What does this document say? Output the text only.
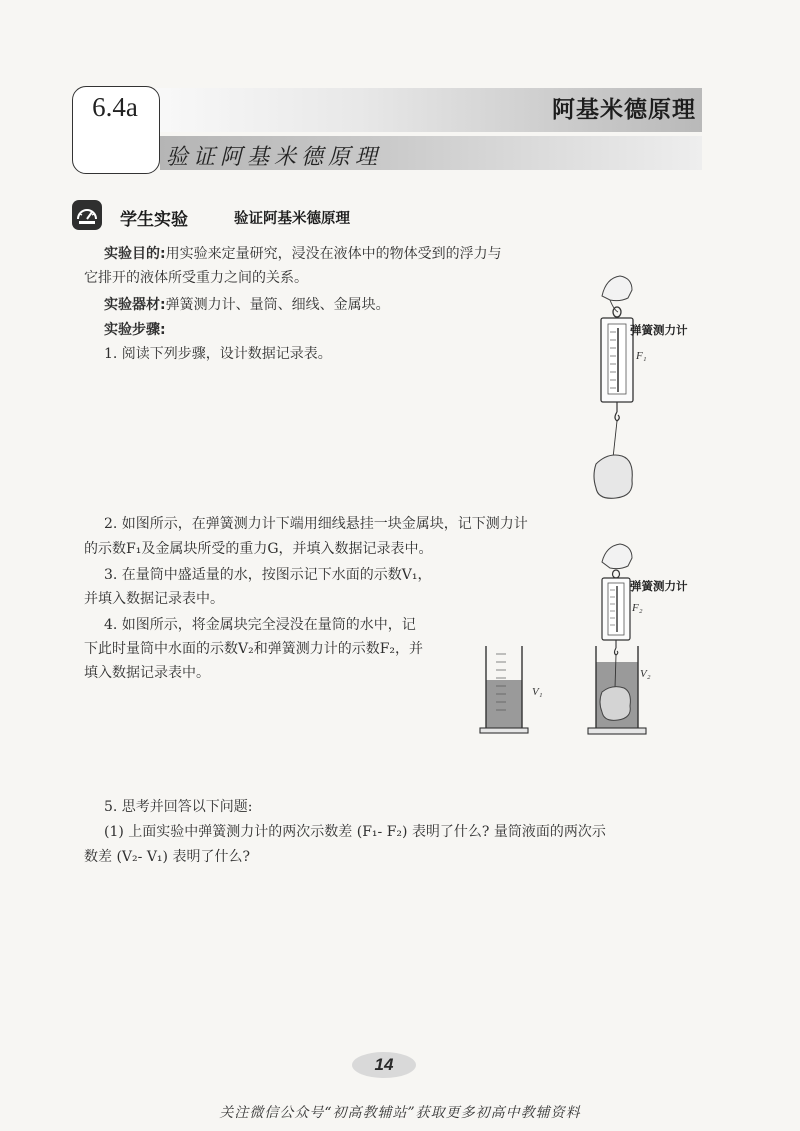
6.4a	阿基米德原理
验证阿基米德原理
学生实验	验证阿基米德原理
实验目的:用实验来定量研究，浸没在液体中的物体受到的浮力与
它排开的液体所受重力之间的关系。
实验器材:弹簧测力计、量筒、细线、金属块。
实验步骤:
1. 阅读下列步骤，设计数据记录表。
弹簧测力计
F₁
2. 如图所示，在弹簧测力计下端用细线悬挂一块金属块，记下测力计
的示数F₁及金属块所受的重力G，并填入数据记录表中。
3. 在量筒中盛适量的水，按图示记下水面的示数V₁，
并填入数据记录表中。
4. 如图所示，将金属块完全浸没在量筒的水中，记
下此时量筒中水面的示数V₂和弹簧测力计的示数F₂，并
填入数据记录表中。
V₁
弹簧测力计
F₂
V₂
5. 思考并回答以下问题:
(1) 上面实验中弹簧测力计的两次示数差 (F₁- F₂) 表明了什么? 量筒液面的两次示
数差 (V₂- V₁) 表明了什么?
14
关注微信公众号“初高教辅站”获取更多初高中教辅资料
